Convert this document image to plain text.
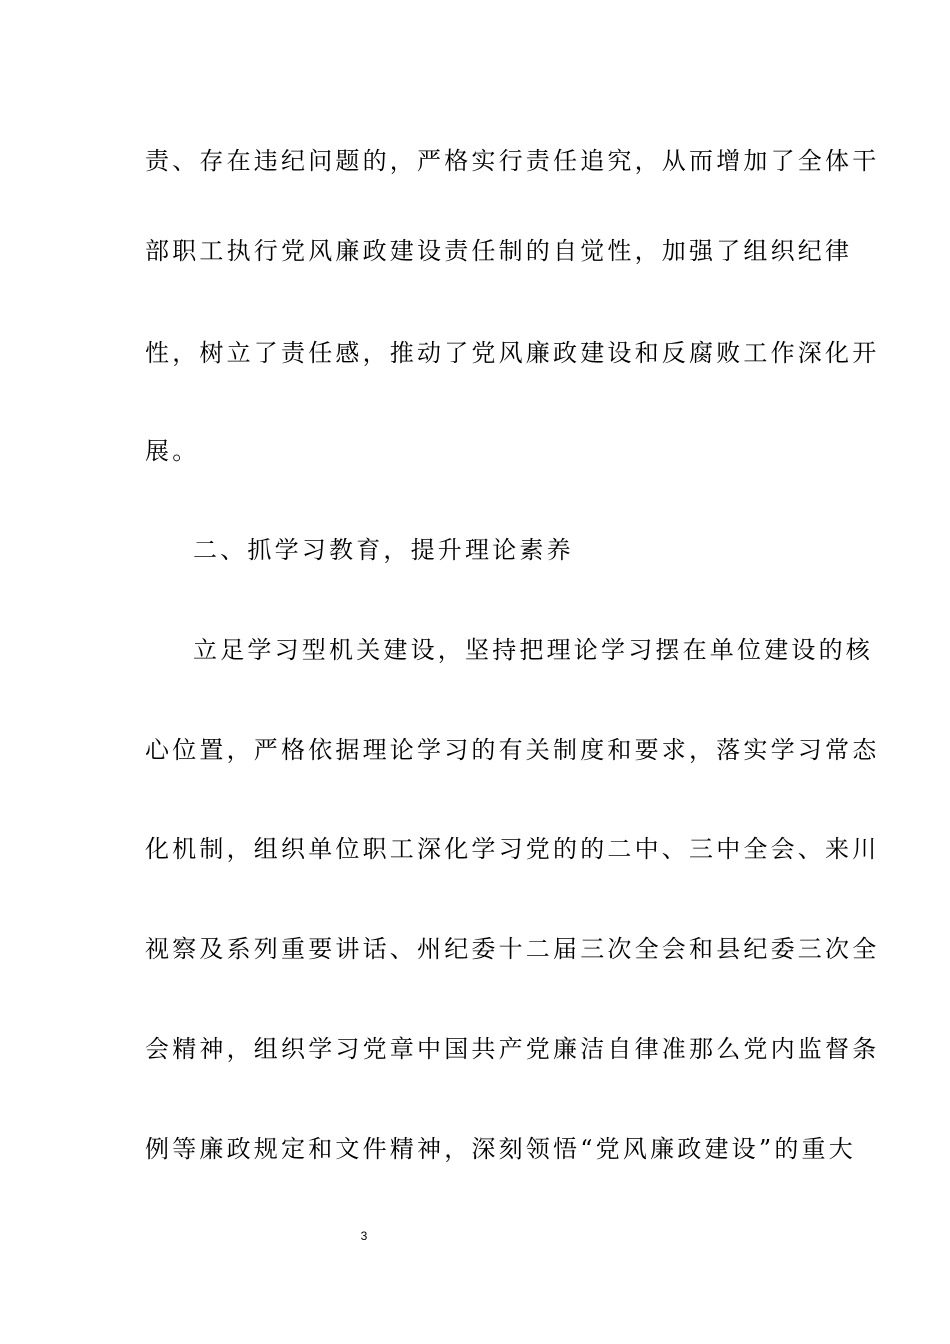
责、存在违纪问题的，严格实行责任追究，从而增加了全体干
部职工执行党风廉政建设责任制的自觉性，加强了组织纪律
性，树立了责任感，推动了党风廉政建设和反腐败工作深化开
展。
二、抓学习教育，提升理论素养
立足学习型机关建设，坚持把理论学习摆在单位建设的核
心位置，严格依据理论学习的有关制度和要求，落实学习常态
化机制，组织单位职工深化学习党的的二中、三中全会、来川
视察及系列重要讲话、州纪委十二届三次全会和县纪委三次全
会精神，组织学习党章中国共产党廉洁自律准那么党内监督条
例等廉政规定和文件精神，深刻领悟“党风廉政建设”的重大
3
